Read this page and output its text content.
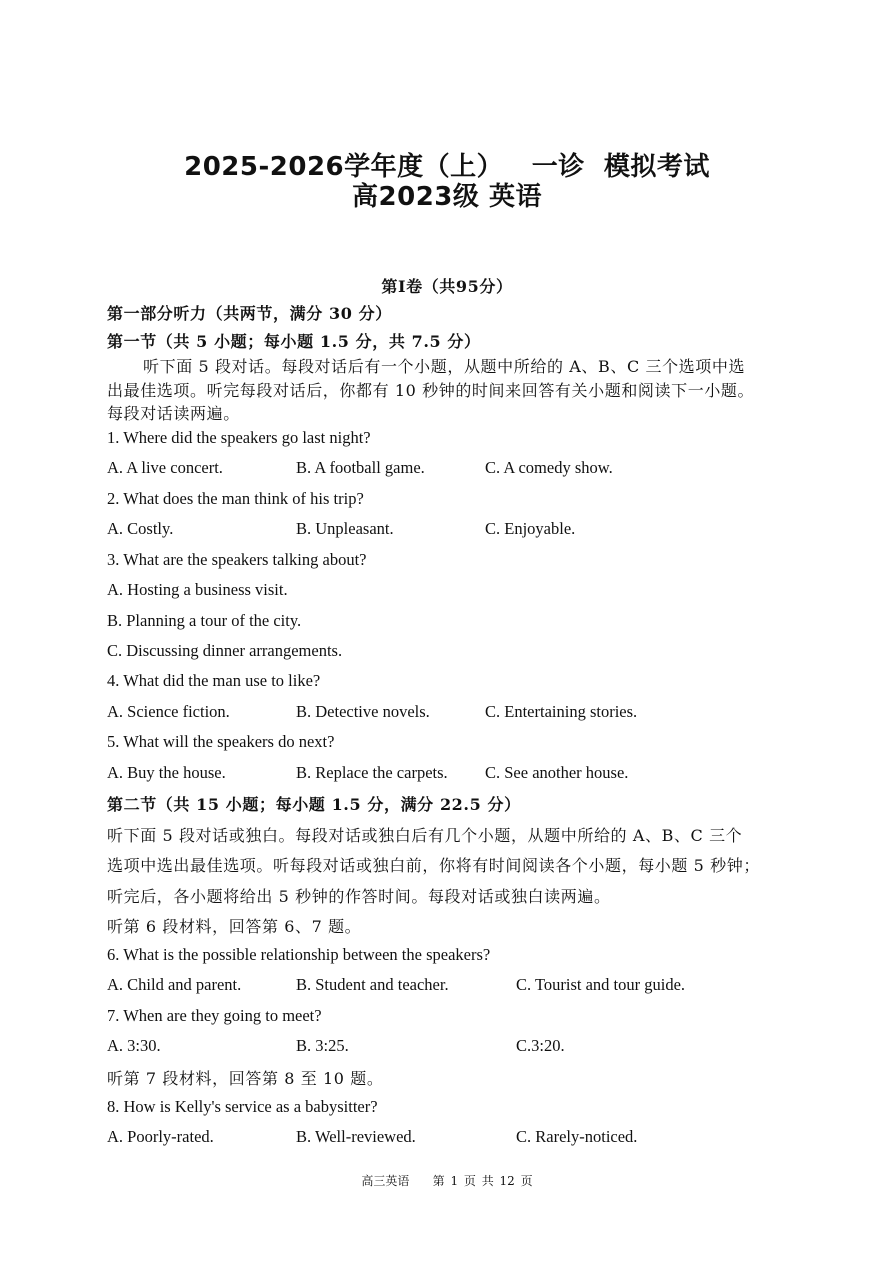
2025-2026学年度（上）   一诊  模拟考试
高2023级 英语
第Ⅰ卷（共95分）
第一部分听力（共两节，满分 30 分）
第一节（共 5 小题；每小题 1.5 分，共 7.5 分）
听下面 5 段对话。每段对话后有一个小题，从题中所给的 A、B、C 三个选项中选
出最佳选项。听完每段对话后，你都有 10 秒钟的时间来回答有关小题和阅读下一小题。
每段对话读两遍。
1. Where did the speakers go last night?
A. A live concert.	B. A football game.	C. A comedy show.
2. What does the man think of his trip?
A. Costly.	B. Unpleasant.	C. Enjoyable.
3. What are the speakers talking about?
A. Hosting a business visit.
B. Planning a tour of the city.
C. Discussing dinner arrangements.
4. What did the man use to like?
A. Science fiction.	B. Detective novels.	C. Entertaining stories.
5. What will the speakers do next?
A. Buy the house.	B. Replace the carpets. C. See another house.
第二节（共 15 小题；每小题 1.5 分，满分 22.5 分）
听下面 5 段对话或独白。每段对话或独白后有几个小题，从题中所给的 A、B、C 三个
选项中选出最佳选项。听每段对话或独白前，你将有时间阅读各个小题，每小题 5 秒钟；
听完后，各小题将给出 5 秒钟的作答时间。每段对话或独白读两遍。
听第 6 段材料，回答第 6、7 题。
6. What is the possible relationship between the speakers?
A. Child and parent.	B. Student and teacher.	C. Tourist and tour guide.
7. When are they going to meet?
A. 3:30.	B. 3:25.	C.3:20.
听第 7 段材料，回答第 8 至 10 题。
8. How is Kelly's service as a babysitter?
A. Poorly-rated.	B. Well-reviewed.	C. Rarely-noticed.
高三英语    第 1 页 共 12 页
